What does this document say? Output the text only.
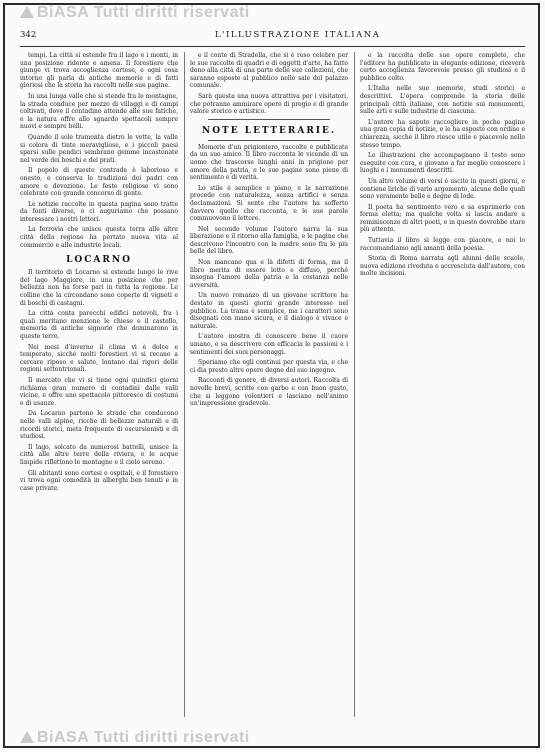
BiASA Tutti diritti riservati
342	L'ILLUSTRAZIONE ITALIANA

tempi. La città si estende fra il lago e i monti, in una posizione ridente e amena. Il forestiero che giunge vi trova accoglienza cortese, e ogni cosa intorno gli parla di antiche memorie e di fatti gloriosi che la storia ha raccolti nelle sue pagine.

In una lunga valle che si stende fra le montagne, la strada conduce per mezzo di villaggi e di campi coltivati, dove il contadino attende alle sue fatiche, e la natura offre allo sguardo spettacoli sempre nuovi e sempre belli.

Quando il sole tramonta dietro le vette, la valle si colora di tinte meravigliose, e i piccoli paesi sparsi sulle pendici sembrano gemme incastonate nel verde dei boschi e dei prati.

Il popolo di queste contrade è laborioso e onesto, e conserva le tradizioni dei padri con amore e devozione. Le feste religiose vi sono celebrate con grande concorso di gente.

Le notizie raccolte in questa pagina sono tratte da fonti diverse, e ci auguriamo che possano interessare i nostri lettori.

La ferrovia che unisce questa terra alle altre città della regione ha portato nuova vita al commercio e alle industrie locali.

LOCARNO

Il territorio di Locarno si estende lungo le rive del lago Maggiore, in una posizione che per bellezza non ha forse pari in tutta la regione. Le colline che la circondano sono coperte di vigneti e di boschi di castagni.

La città conta parecchi edifici notevoli, fra i quali meritano menzione le chiese e il castello, memoria di antiche signorie che dominarono in queste terre.

Nei mesi d'inverno il clima vi è dolce e temperato, sicché molti forestieri vi si recano a cercare riposo e salute, lontano dai rigori delle regioni settentrionali.

Il mercato che vi si tiene ogni quindici giorni richiama gran numero di contadini dalle valli vicine, e offre uno spettacolo pittoresco di costumi e di usanze.

Da Locarno partono le strade che conducono nelle valli alpine, ricche di bellezze naturali e di ricordi storici, meta frequente di escursionisti e di studiosi.

Il lago, solcato da numerosi battelli, unisce la città alle altre terre della riviera, e le acque limpide riflettono le montagne e il cielo sereno.

Gli abitanti sono cortesi e ospitali, e il forestiero vi trova ogni comodità in alberghi ben tenuti e in case private.

e il conte di Stradella, che si è reso celebre per le sue raccolte di quadri e di oggetti d'arte, ha fatto dono alla città di una parte delle sue collezioni, che saranno esposte al pubblico nelle sale del palazzo comunale.

Sarà questa una nuova attrattiva per i visitatori, che potranno ammirare opere di pregio e di grande valore storico e artistico.

NOTE LETTERARIE.

Memorie d'un prigioniero, raccolte e pubblicate da un suo amico. Il libro racconta le vicende di un uomo che trascorse lunghi anni in prigione per amore della patria, e le sue pagine sono piene di sentimento e di verità.

Lo stile è semplice e piano, e la narrazione procede con naturalezza, senza artifici e senza declamazioni. Si sente che l'autore ha sofferto davvero quello che racconta, e le sue parole commuovono il lettore.

Nel secondo volume l'autore narra la sua liberazione e il ritorno alla famiglia, e le pagine che descrivono l'incontro con la madre sono fra le più belle del libro.

Non mancano qua e là difetti di forma, ma il libro merita di essere letto e diffuso, perché insegna l'amore della patria e la costanza nelle avversità.

Un nuovo romanzo di un giovane scrittore ha destato in questi giorni grande interesse nel pubblico. La trama è semplice, ma i caratteri sono disegnati con mano sicura, e il dialogo è vivace e naturale.

L'autore mostra di conoscere bene il cuore umano, e sa descrivere con efficacia le passioni e i sentimenti dei suoi personaggi.

Speriamo che egli continui per questa via, e che ci dia presto altre opere degne del suo ingegno.

Racconti di genere, di diversi autori. Raccolta di novelle brevi, scritte con garbo e con buon gusto, che si leggono volentieri e lasciano nell'animo un'impressione gradevole.

e la raccolta delle sue opere complete, che l'editore ha pubblicato in elegante edizione, riceverà certo accoglienza favorevole presso gli studiosi e il pubblico colto.

L'Italia nelle sue memorie, studi storici e descrittivi. L'opera comprende la storia delle principali città italiane, con notizie sui monumenti, sulle arti e sulle industrie di ciascuna.

L'autore ha saputo raccogliere in poche pagine una gran copia di notizie, e le ha esposte con ordine e chiarezza, sicché il libro riesce utile e piacevole nello stesso tempo.

Le illustrazioni che accompagnano il testo sono eseguite con cura, e giovano a far meglio conoscere i luoghi e i monumenti descritti.

Un altro volume di versi è uscito in questi giorni, e contiene liriche di vario argomento, alcune delle quali sono veramente belle e degne di lode.

Il poeta ha sentimento vero e sa esprimerlo con forma eletta; ma qualche volta si lascia andare a reminiscenze di altri poeti, e in questo dovrebbe stare più attento.

Tuttavia il libro si legge con piacere, e noi lo raccomandiamo agli amanti della poesia.

Storia di Roma narrata agli alunni delle scuole, nuova edizione riveduta e accresciuta dall'autore, con molte incisioni.

BiASA Tutti diritti riservati
